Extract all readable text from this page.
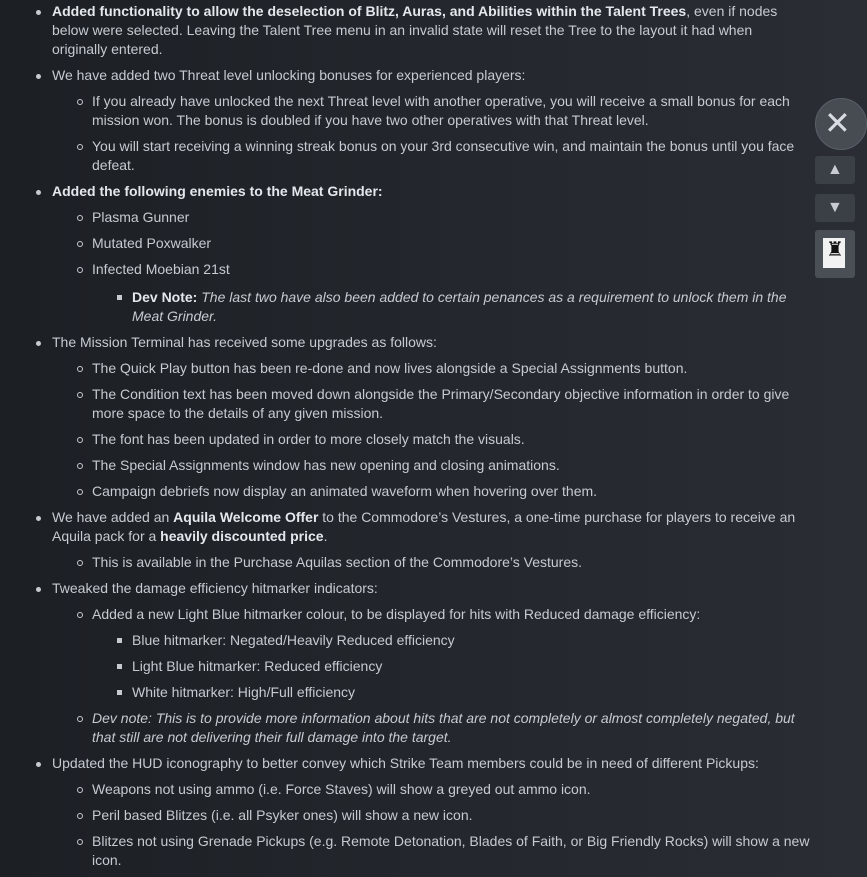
Added functionality to allow the deselection of Blitz, Auras, and Abilities within the Talent Trees, even if nodes below were selected. Leaving the Talent Tree menu in an invalid state will reset the Tree to the layout it had when originally entered.
We have added two Threat level unlocking bonuses for experienced players:
If you already have unlocked the next Threat level with another operative, you will receive a small bonus for each mission won. The bonus is doubled if you have two other operatives with that Threat level.
You will start receiving a winning streak bonus on your 3rd consecutive win, and maintain the bonus until you face defeat.
Added the following enemies to the Meat Grinder:
Plasma Gunner
Mutated Poxwalker
Infected Moebian 21st
Dev Note: The last two have also been added to certain penances as a requirement to unlock them in the Meat Grinder.
The Mission Terminal has received some upgrades as follows:
The Quick Play button has been re-done and now lives alongside a Special Assignments button.
The Condition text has been moved down alongside the Primary/Secondary objective information in order to give more space to the details of any given mission.
The font has been updated in order to more closely match the visuals.
The Special Assignments window has new opening and closing animations.
Campaign debriefs now display an animated waveform when hovering over them.
We have added an Aquila Welcome Offer to the Commodore’s Vestures, a one-time purchase for players to receive an Aquila pack for a heavily discounted price.
This is available in the Purchase Aquilas section of the Commodore’s Vestures.
Tweaked the damage efficiency hitmarker indicators:
Added a new Light Blue hitmarker colour, to be displayed for hits with Reduced damage efficiency:
Blue hitmarker: Negated/Heavily Reduced efficiency
Light Blue hitmarker: Reduced efficiency
White hitmarker: High/Full efficiency
Dev note: This is to provide more information about hits that are not completely or almost completely negated, but that still are not delivering their full damage into the target.
Updated the HUD iconography to better convey which Strike Team members could be in need of different Pickups:
Weapons not using ammo (i.e. Force Staves) will show a greyed out ammo icon.
Peril based Blitzes (i.e. all Psyker ones) will show a new icon.
Blitzes not using Grenade Pickups (e.g. Remote Detonation, Blades of Faith, or Big Friendly Rocks) will show a new icon.
✕
▲
▼
♜
